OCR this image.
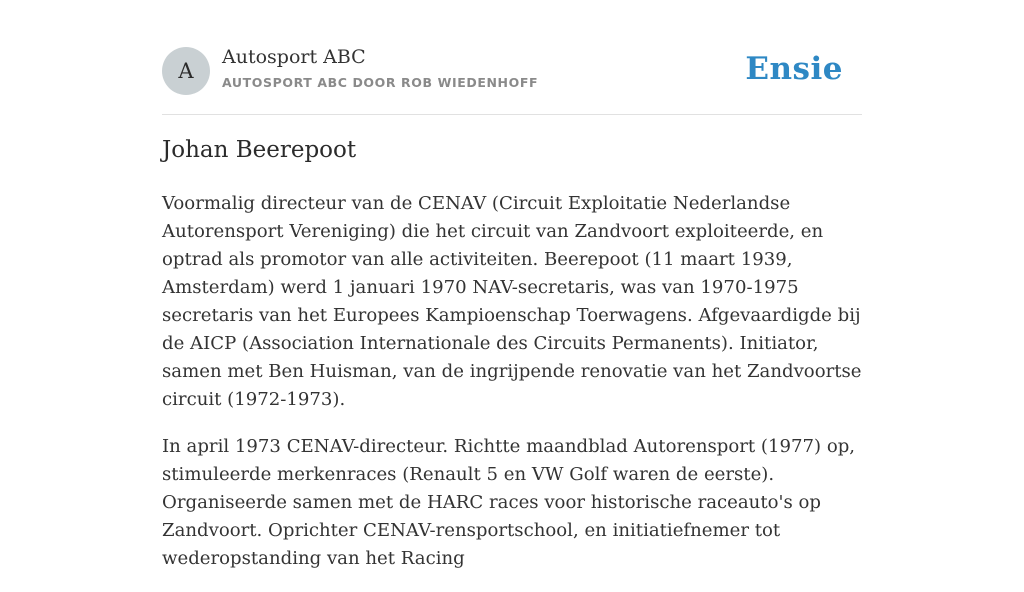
A
Autosport ABC
AUTOSPORT ABC DOOR ROB WIEDENHOFF	Ensie
Johan Beerepoot

Voormalig directeur van de CENAV (Circuit Exploitatie Nederlandse Autorensport Vereniging) die het circuit van Zandvoort exploiteerde, en optrad als promotor van alle activiteiten. Beerepoot (11 maart 1939, Amsterdam) werd 1 januari 1970 NAV-secretaris, was van 1970-1975 secretaris van het Europees Kampioenschap Toerwagens. Afgevaardigde bij de AICP (Association Internationale des Circuits Permanents). Initiator, samen met Ben Huisman, van de ingrijpende renovatie van het Zandvoortse circuit (1972-1973).

In april 1973 CENAV-directeur. Richtte maandblad Autorensport (1977) op, stimuleerde merkenraces (Renault 5 en VW Golf waren de eerste). Organiseerde samen met de HARC races voor historische raceauto's op Zandvoort. Oprichter CENAV-rensportschool, en initiatiefnemer tot wederopstanding van het Racing
